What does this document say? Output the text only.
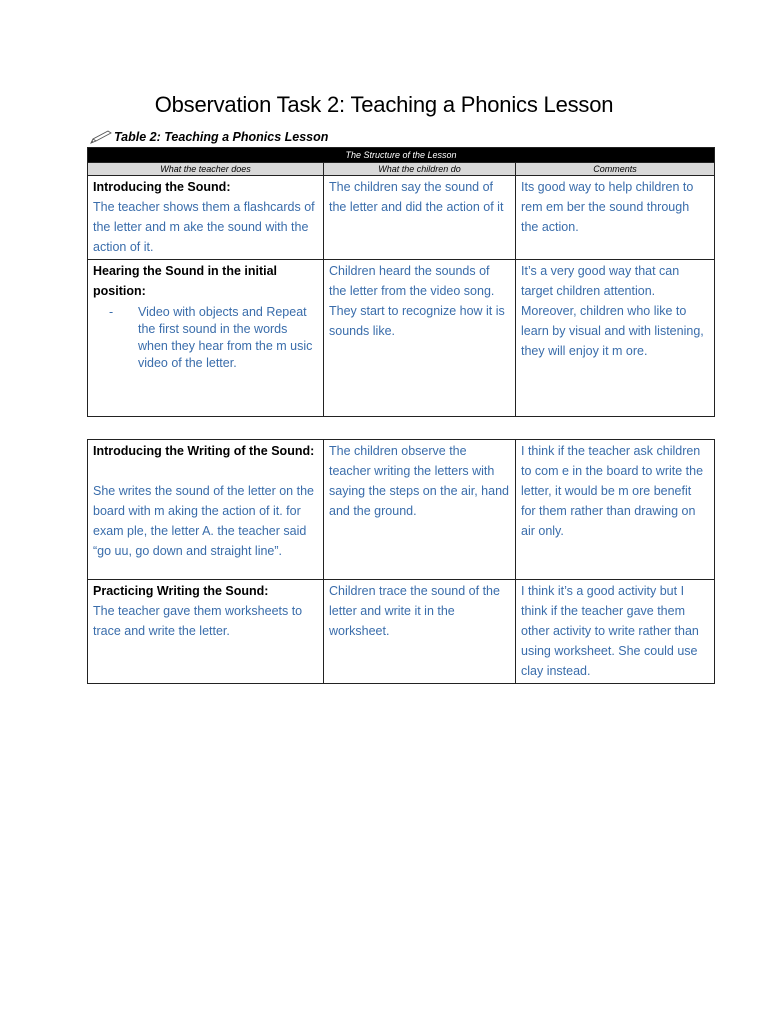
Observation Task 2: Teaching a Phonics Lesson
Table 2: Teaching a Phonics Lesson
The Structure of the Lesson		
What the teacher does	What the children do	Comments

Introducing the Sound:
The teacher shows them a flashcards of the letter and m ake the sound with the action of it.	The children say the sound of the letter and did the action of it	Its good way to help children to rem em ber the sound through the action.

Hearing the Sound in the initial position:
- Video with objects and Repeat the first sound in the words when they hear from the m usic video of the letter.	Children heard the sounds of the letter from the video song. They start to recognize how it is sounds like.	It’s a very good way that can target children attention. Moreover, children who like to learn by visual and with listening, they will enjoy it m ore.
Introducing the Writing of the Sound:
She writes the sound of the letter on the board with m aking the action of it. for exam ple, the letter A. the teacher said “go uu, go down and straight line”.	The children observe the teacher writing the letters with saying the steps on the air, hand and the ground.	I think if the teacher ask children to com e in the board to write the letter, it would be m ore benefit for them rather than drawing on air only.

Practicing Writing the Sound:
The teacher gave them worksheets to trace and write the letter.	Children trace the sound of the letter and write it in the worksheet.	I think it’s a good activity but I think if the teacher gave them other activity to write rather than using worksheet. She could use clay instead.
